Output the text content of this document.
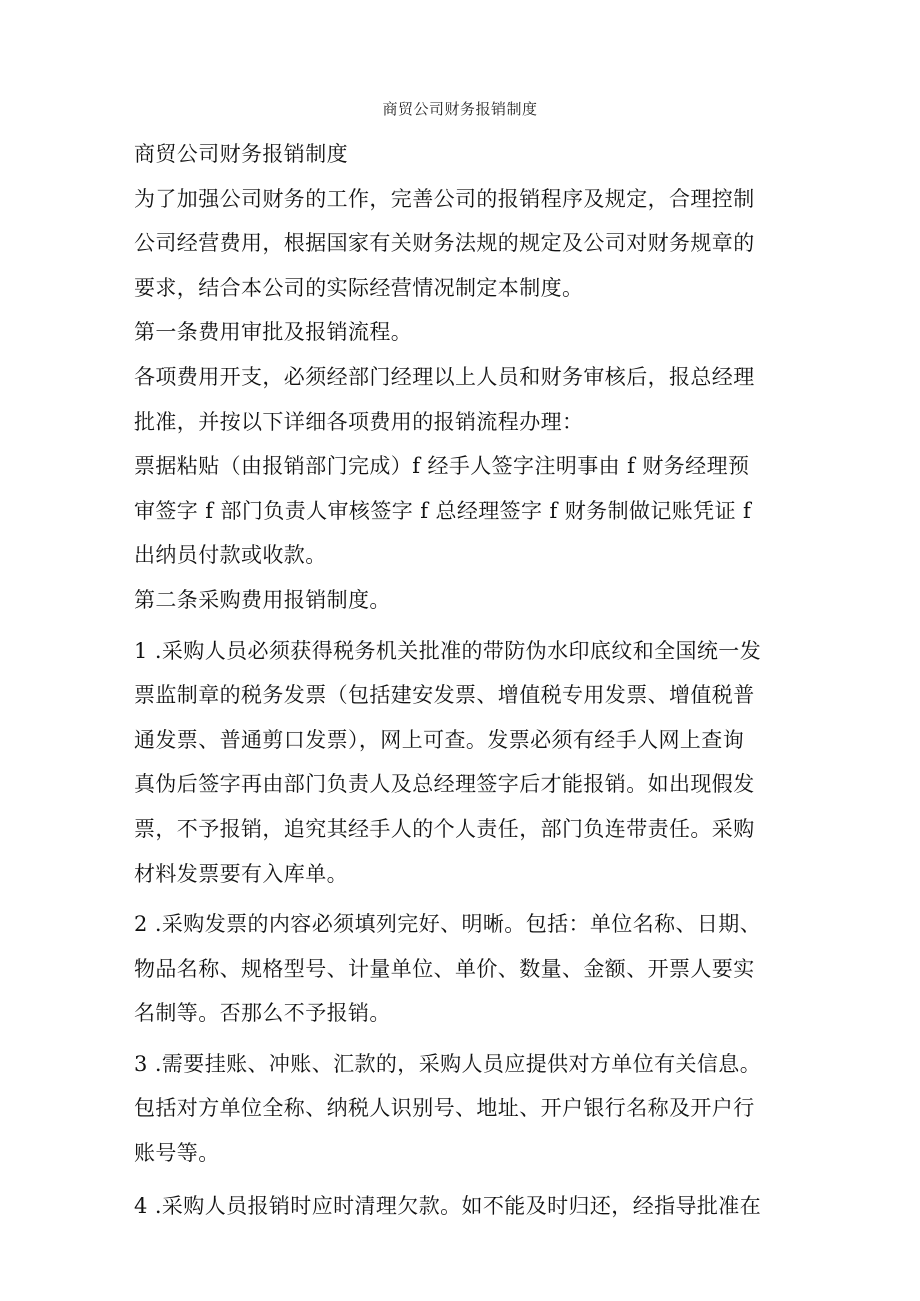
商贸公司财务报销制度
商贸公司财务报销制度
为了加强公司财务的工作，完善公司的报销程序及规定，合理控制
公司经营费用，根据国家有关财务法规的规定及公司对财务规章的
要求，结合本公司的实际经营情况制定本制度。
第一条费用审批及报销流程。
各项费用开支，必须经部门经理以上人员和财务审核后，报总经理
批准，并按以下详细各项费用的报销流程办理：
票据粘贴（由报销部门完成）f 经手人签字注明事由 f 财务经理预
审签字 f 部门负责人审核签字 f 总经理签字 f 财务制做记账凭证 f
出纳员付款或收款。
第二条采购费用报销制度。
1 .采购人员必须获得税务机关批准的带防伪水印底纹和全国统一发
票监制章的税务发票（包括建安发票、增值税专用发票、增值税普
通发票、普通剪口发票），网上可查。发票必须有经手人网上查询
真伪后签字再由部门负责人及总经理签字后才能报销。如出现假发
票，不予报销，追究其经手人的个人责任，部门负连带责任。采购
材料发票要有入库单。
2 .采购发票的内容必须填列完好、明晰。包括：单位名称、日期、
物品名称、规格型号、计量单位、单价、数量、金额、开票人要实
名制等。否那么不予报销。
3 .需要挂账、冲账、汇款的，采购人员应提供对方单位有关信息。
包括对方单位全称、纳税人识别号、地址、开户银行名称及开户行
账号等。
4 .采购人员报销时应时清理欠款。如不能及时归还，经指导批准在
